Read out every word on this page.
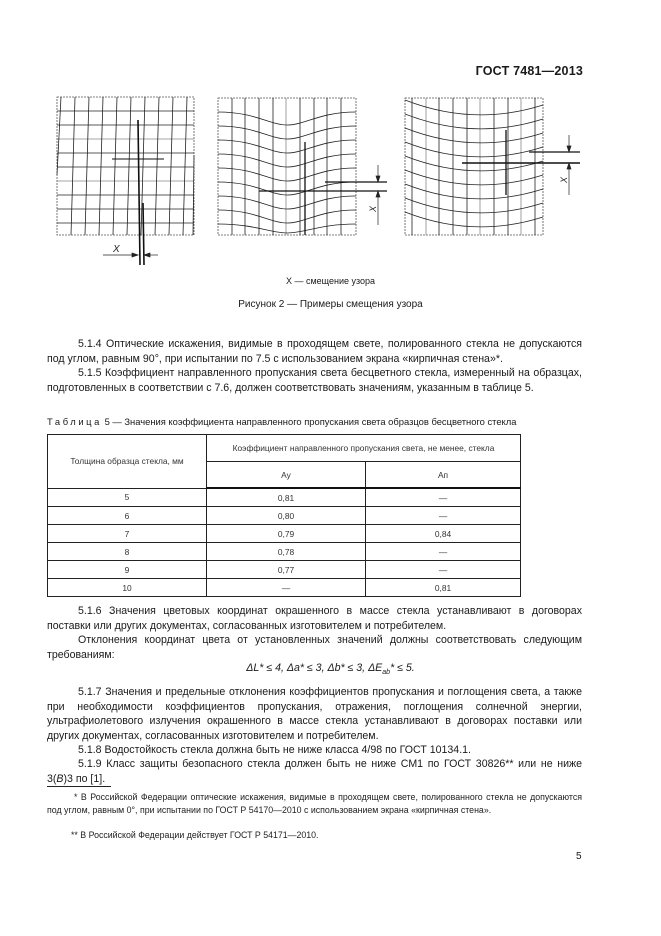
ГОСТ 7481—2013
X
X
X
X — смещение узора
Рисунок 2 — Примеры смещения узора
5.1.4 Оптические искажения, видимые в проходящем свете, полированного стекла не допускаются под углом, равным 90°, при испытании по 7.5 с использованием экрана «кирпичная стена»*.
5.1.5 Коэффициент направленного пропускания света бесцветного стекла, измеренный на образцах, подготовленных в соответствии с 7.6, должен соответствовать значениям, указанным в таблице 5.
Таблица 5 — Значения коэффициента направленного пропускания света образцов бесцветного стекла
Толщина образца стекла, мм	Коэффициент направленного пропускания света, не менее, стекла	
	Ау	Ап
5	0,81	—
6	0,80	—
7	0,79	0,84
8	0,78	—
9	0,77	—
10	—	0,81
5.1.6 Значения цветовых координат окрашенного в массе стекла устанавливают в договорах поставки или других документах, согласованных изготовителем и потребителем.
Отклонения координат цвета от установленных значений должны соответствовать следующим требованиям:
ΔL* ≤ 4, Δa* ≤ 3, Δb* ≤ 3, $\Delta E_{ab}* \le 5$.
5.1.7 Значения и предельные отклонения коэффициентов пропускания и поглощения света, а также при необходимости коэффициентов пропускания, отражения, поглощения солнечной энергии, ультрафиолетового излучения окрашенного в массе стекла устанавливают в договорах поставки или других документах, согласованных изготовителем и потребителем.
5.1.8 Водостойкость стекла должна быть не ниже класса 4/98 по ГОСТ 10134.1.
5.1.9 Класс защиты безопасного стекла должен быть не ниже СМ1 по ГОСТ 30826** или не ниже 3(B)3 по [1].
* В Российской Федерации оптические искажения, видимые в проходящем свете, полированного стекла не допускаются под углом, равным 0°, при испытании по ГОСТ Р 54170—2010 с использованием экрана «кирпичная стена».
** В Российской Федерации действует ГОСТ Р 54171—2010.
5
